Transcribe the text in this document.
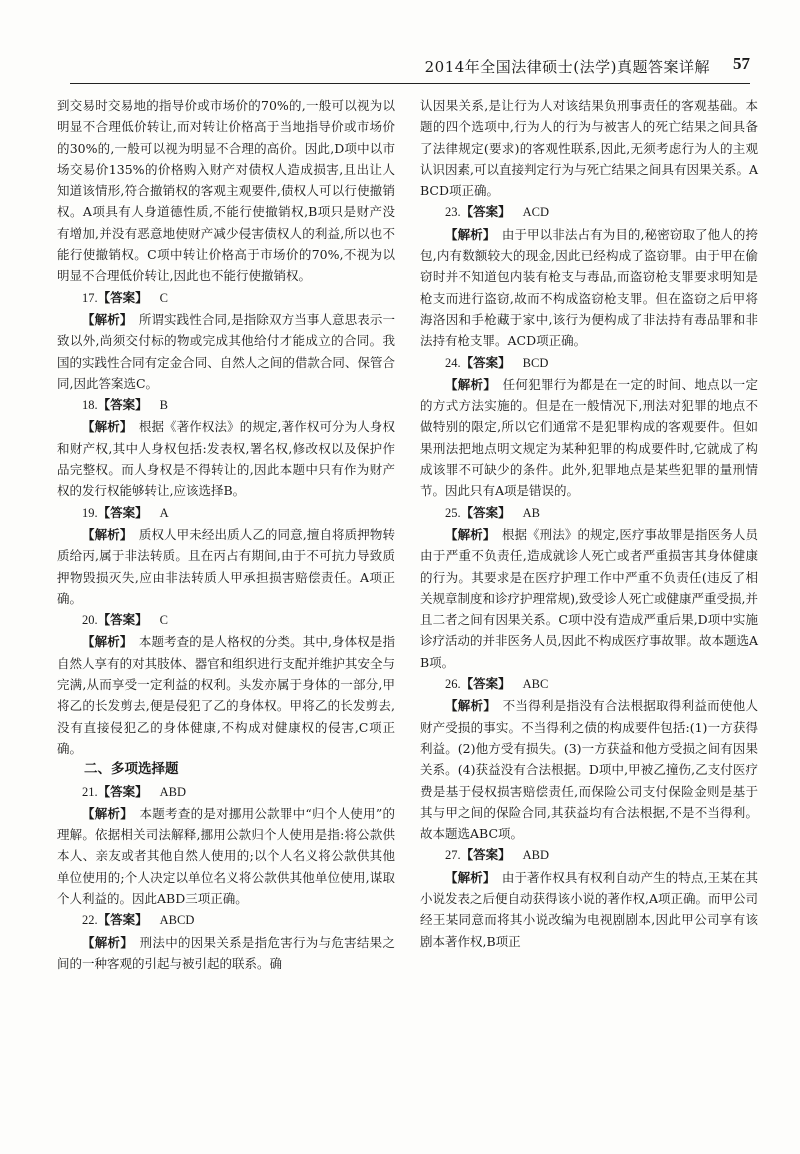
2014年全国法律硕士(法学)真题答案详解 57

到交易时交易地的指导价或市场价的70%的,一般可以视为以明显不合理低价转让,而对转让价格高于当地指导价或市场价的30%的,一般可以视为明显不合理的高价。因此,D项中以市场交易价135%的价格购入财产对债权人造成损害,且出让人知道该情形,符合撤销权的客观主观要件,债权人可以行使撤销权。A项具有人身道德性质,不能行使撤销权,B项只是财产没有增加,并没有恶意地使财产减少侵害债权人的利益,所以也不能行使撤销权。C项中转让价格高于市场价的70%,不视为以明显不合理低价转让,因此也不能行使撤销权。

17.【答案】 C

【解析】　 所谓实践性合同,是指除双方当事人意思表示一致以外,尚须交付标的物或完成其他给付才能成立的合同。我国的实践性合同有定金合同、自然人之间的借款合同、保管合同,因此答案选C。

18.【答案】 B

【解析】　 根据《著作权法》的规定,著作权可分为人身权和财产权,其中人身权包括:发表权,署名权,修改权以及保护作品完整权。而人身权是不得转让的,因此本题中只有作为财产权的发行权能够转让,应该选择B。

19.【答案】 A

【解析】　 质权人甲未经出质人乙的同意,擅自将质押物转质给丙,属于非法转质。且在丙占有期间,由于不可抗力导致质押物毁损灭失,应由非法转质人甲承担损害赔偿责任。A项正确。

20.【答案】 C

【解析】　 本题考查的是人格权的分类。其中,身体权是指自然人享有的对其肢体、器官和组织进行支配并维护其安全与完满,从而享受一定利益的权利。头发亦属于身体的一部分,甲将乙的长发剪去,便是侵犯了乙的身体权。甲将乙的长发剪去,没有直接侵犯乙的身体健康,不构成对健康权的侵害,C项正确。

二、多项选择题

21.【答案】 ABD

【解析】　 本题考查的是对挪用公款罪中“归个人使用”的理解。依据相关司法解释,挪用公款归个人使用是指:将公款供本人、亲友或者其他自然人使用的;以个人名义将公款供其他单位使用的;个人决定以单位名义将公款供其他单位使用,谋取个人利益的。因此ABD三项正确。

22.【答案】 ABCD

【解析】　 刑法中的因果关系是指危害行为与危害结果之间的一种客观的引起与被引起的联系。确

认因果关系,是让行为人对该结果负刑事责任的客观基础。本题的四个选项中,行为人的行为与被害人的死亡结果之间具备了法律规定(要求)的客观性联系,因此,无须考虑行为人的主观认识因素,可以直接判定行为与死亡结果之间具有因果关系。ABCD项正确。

23.【答案】 ACD

【解析】　 由于甲以非法占有为目的,秘密窃取了他人的挎包,内有数额较大的现金,因此已经构成了盗窃罪。由于甲在偷窃时并不知道包内装有枪支与毒品,而盗窃枪支罪要求明知是枪支而进行盗窃,故而不构成盗窃枪支罪。但在盗窃之后甲将海洛因和手枪藏于家中,该行为便构成了非法持有毒品罪和非法持有枪支罪。ACD项正确。

24.【答案】 BCD

【解析】　 任何犯罪行为都是在一定的时间、地点以一定的方式方法实施的。但是在一般情况下,刑法对犯罪的地点不做特别的限定,所以它们通常不是犯罪构成的客观要件。但如果刑法把地点明文规定为某种犯罪的构成要件时,它就成了构成该罪不可缺少的条件。此外,犯罪地点是某些犯罪的量刑情节。因此只有A项是错误的。

25.【答案】 AB

【解析】　 根据《刑法》的规定,医疗事故罪是指医务人员由于严重不负责任,造成就诊人死亡或者严重损害其身体健康的行为。其要求是在医疗护理工作中严重不负责任(违反了相关规章制度和诊疗护理常规),致受诊人死亡或健康严重受损,并且二者之间有因果关系。C项中没有造成严重后果,D项中实施诊疗活动的并非医务人员,因此不构成医疗事故罪。故本题选AB项。

26.【答案】 ABC

【解析】　 不当得利是指没有合法根据取得利益而使他人财产受损的事实。不当得利之债的构成要件包括:(1)一方获得利益。(2)他方受有损失。(3)一方获益和他方受损之间有因果关系。(4)获益没有合法根据。D项中,甲被乙撞伤,乙支付医疗费是基于侵权损害赔偿责任,而保险公司支付保险金则是基于其与甲之间的保险合同,其获益均有合法根据,不是不当得利。故本题选ABC项。

27.【答案】 ABD

【解析】　 由于著作权具有权利自动产生的特点,王某在其小说发表之后便自动获得该小说的著作权,A项正确。而甲公司经王某同意而将其小说改编为电视剧剧本,因此甲公司享有该剧本著作权,B项正
